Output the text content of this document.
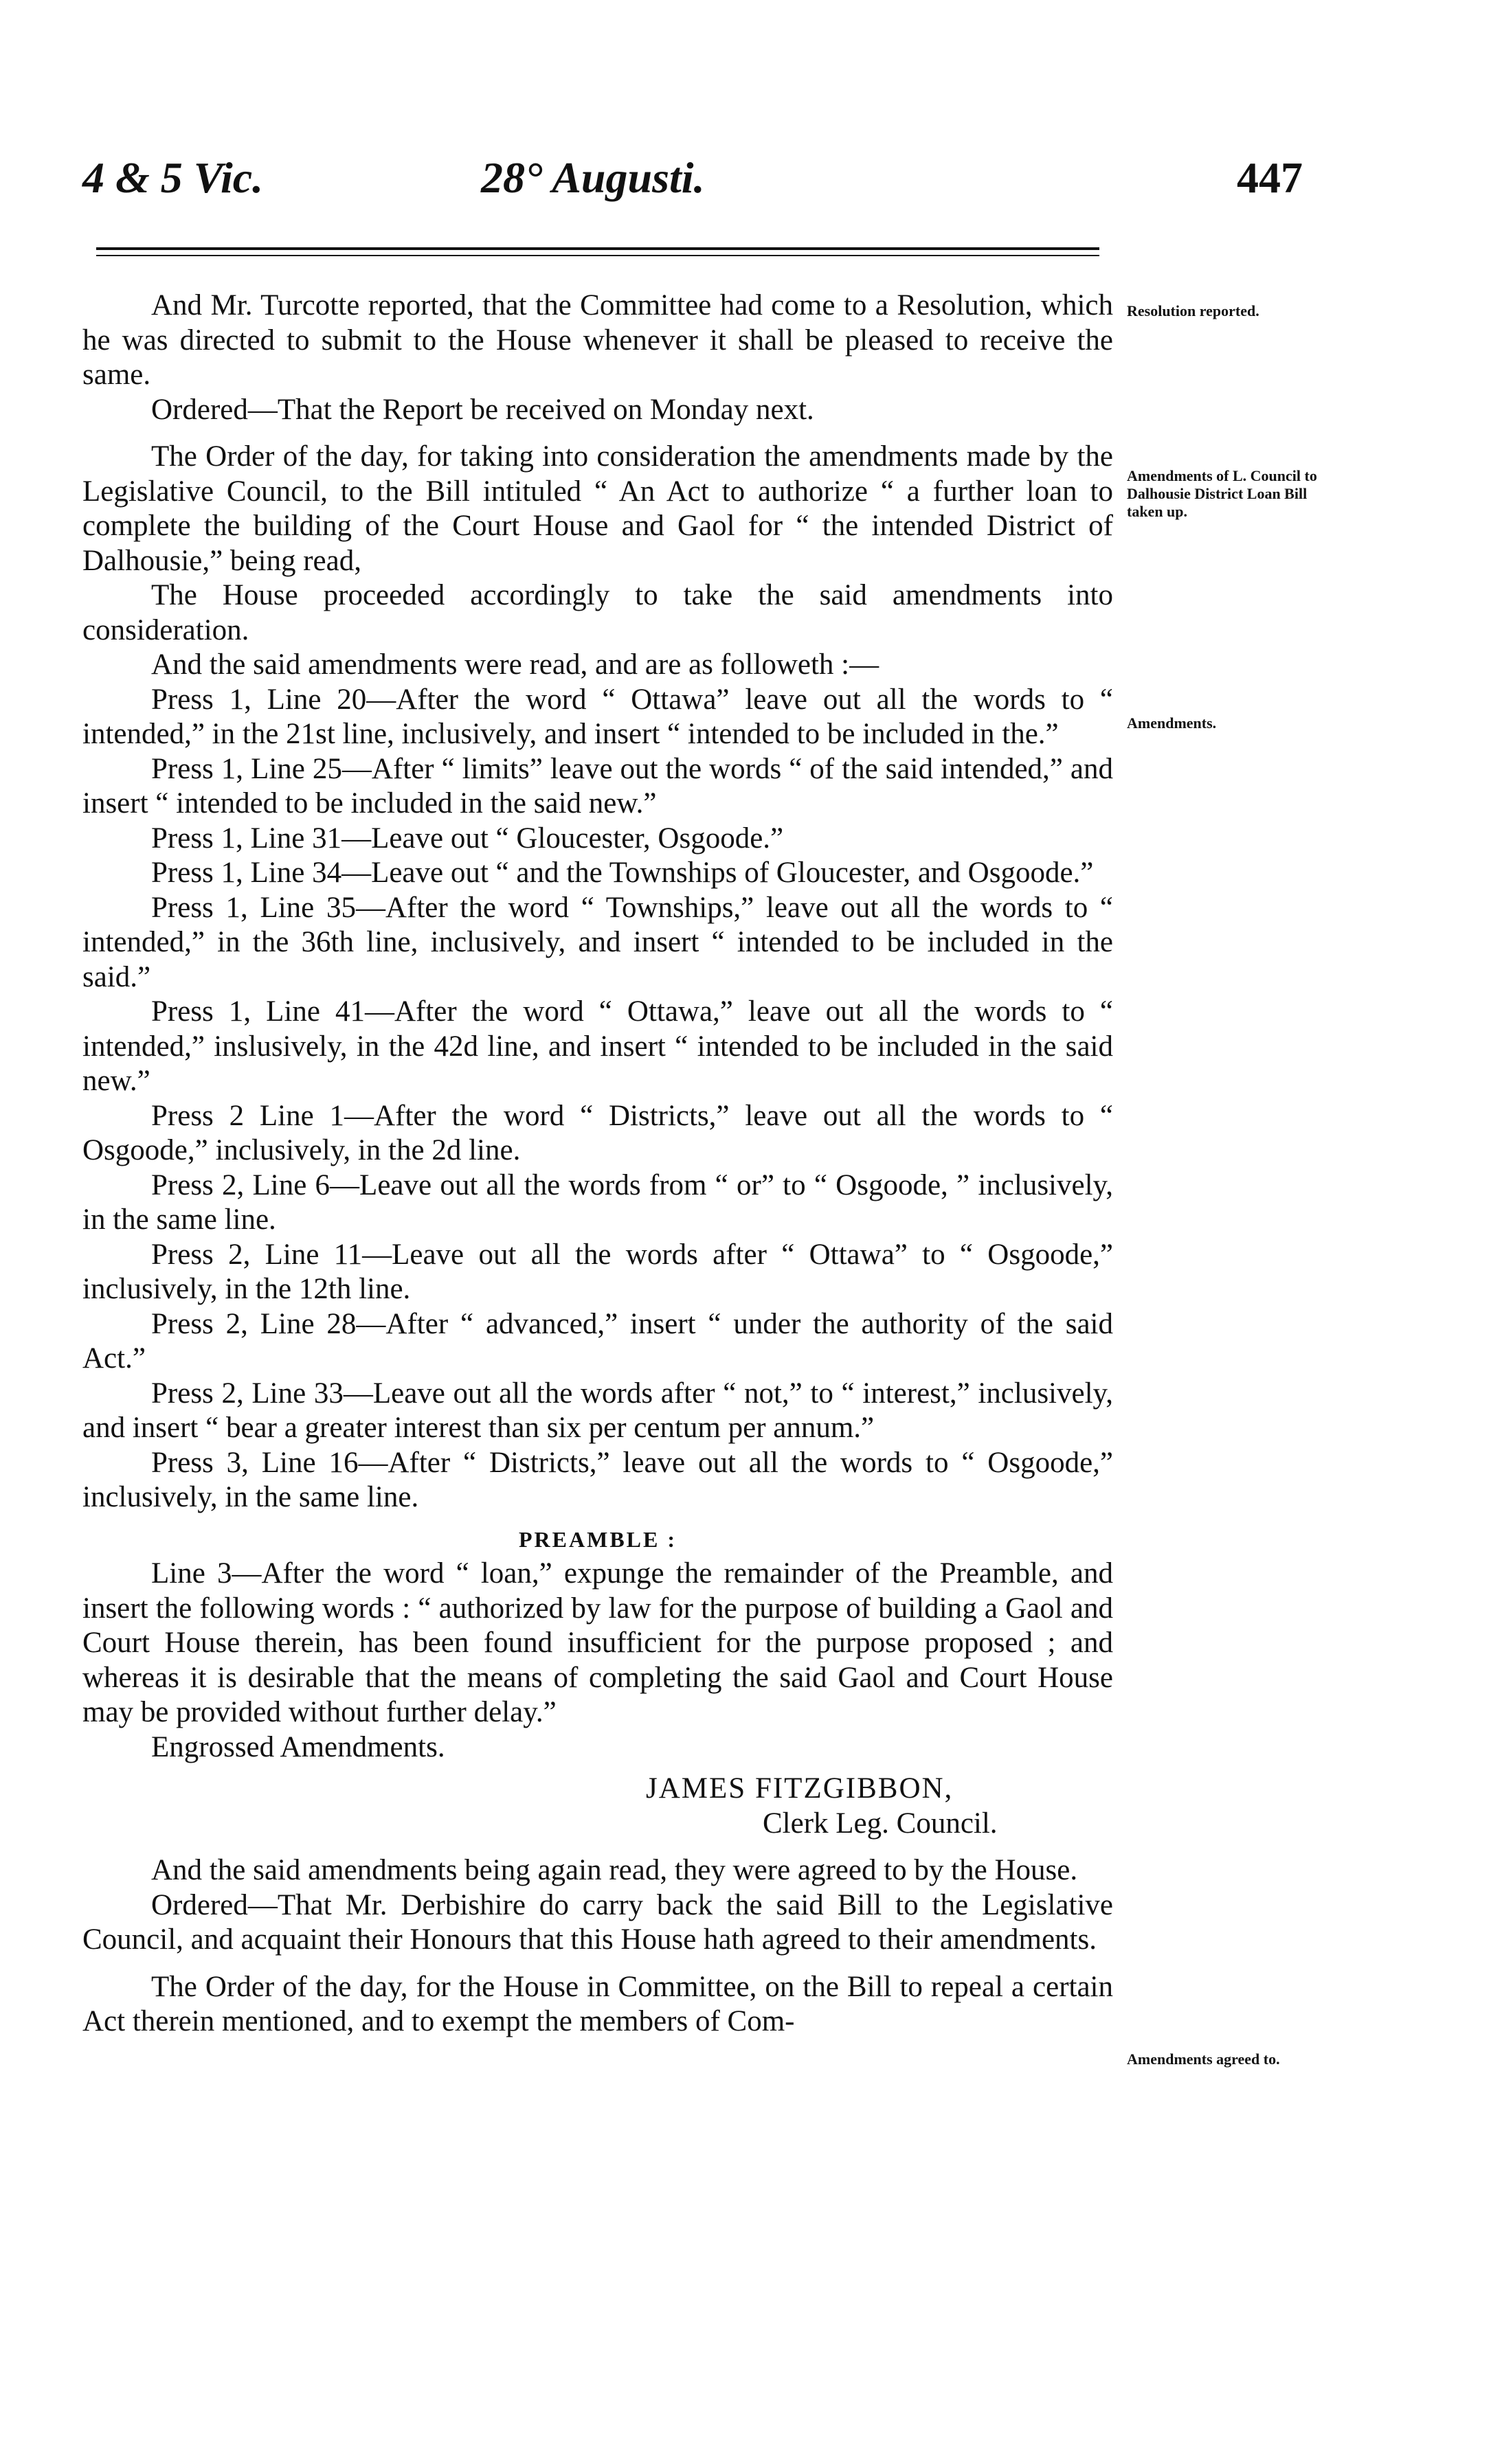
4 & 5 Vic.	28° Augusti.	447

And Mr. Turcotte reported, that the Committee had come to a Resolution, which he was directed to submit to the House whenever it shall be pleased to receive the same.

Ordered—That the Report be received on Monday next.

The Order of the day, for taking into consideration the amendments made by the Legislative Council, to the Bill intituled “ An Act to authorize “ a further loan to complete the building of the Court House and Gaol for “ the intended District of Dalhousie,” being read,

The House proceeded accordingly to take the said amendments into consideration.

And the said amendments were read, and are as followeth :—

Press 1, Line 20—After the word “ Ottawa” leave out all the words to “ intended,” in the 21st line, inclusively, and insert “ intended to be included in the.”

Press 1, Line 25—After “ limits” leave out the words “ of the said intended,” and insert “ intended to be included in the said new.”

Press 1, Line 31—Leave out “ Gloucester, Osgoode.”

Press 1, Line 34—Leave out “ and the Townships of Gloucester, and Osgoode.”

Press 1, Line 35—After the word “ Townships,” leave out all the words to “ intended,” in the 36th line, inclusively, and insert “ intended to be included in the said.”

Press 1, Line 41—After the word “ Ottawa,” leave out all the words to “ intended,” inslusively, in the 42d line, and insert “ intended to be included in the said new.”

Press 2 Line 1—After the word “ Districts,” leave out all the words to “ Osgoode,” inclusively, in the 2d line.

Press 2, Line 6—Leave out all the words from “ or” to “ Osgoode, ” inclusively, in the same line.

Press 2, Line 11—Leave out all the words after “ Ottawa” to “ Osgoode,” inclusively, in the 12th line.

Press 2, Line 28—After “ advanced,” insert “ under the authority of the said Act.”

Press 2, Line 33—Leave out all the words after “ not,” to “ interest,” inclusively, and insert “ bear a greater interest than six per centum per annum.”

Press 3, Line 16—After “ Districts,” leave out all the words to “ Osgoode,” inclusively, in the same line.

PREAMBLE :

Line 3—After the word “ loan,” expunge the remainder of the Preamble, and insert the following words : “ authorized by law for the purpose of building a Gaol and Court House therein, has been found insufficient for the purpose proposed ; and whereas it is desirable that the means of completing the said Gaol and Court House may be provided without further delay.”

Engrossed Amendments.

JAMES FITZGIBBON,

Clerk Leg. Council.

And the said amendments being again read, they were agreed to by the House.

Ordered—That Mr. Derbishire do carry back the said Bill to the Legislative Council, and acquaint their Honours that this House hath agreed to their amendments.

The Order of the day, for the House in Committee, on the Bill to repeal a certain Act therein mentioned, and to exempt the members of Com-

Resolution reported.
Amendments of L. Council to Dalhousie District Loan Bill taken up.
Amendments.
Amendments agreed to.
